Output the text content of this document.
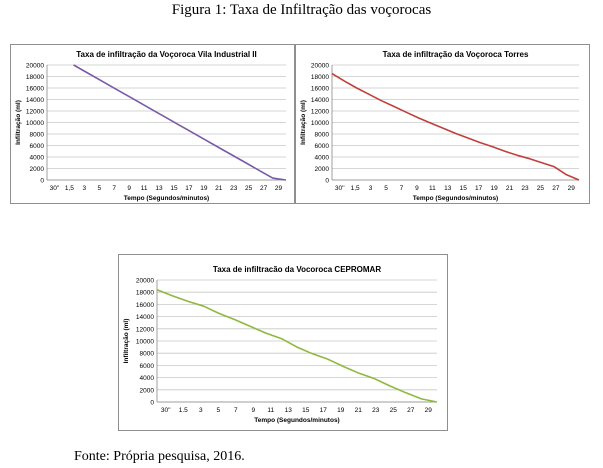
Figura 1: Taxa de Infiltração das voçorocas
Taxa de infiltração da Voçoroca Vila Industrial II
0
2000
4000
6000
8000
10000
12000
14000
16000
18000
20000
30'' 1,5 3 5 7 9 11 13 15 17 19 21 23 25 27 29
Tempo (Segundos/minutos)
Infiltração (ml)
Taxa de infiltração da Voçoroca Torres
0
2000
4000
6000
8000
10000
12000
14000
16000
18000
20000
30'' 1,5 3 5 7 9 11 13 15 17 19 21 23 25 27 29
Tempo (Segundos/minutos)
Infiltração (ml)
Taxa de infiltracão da Vocoroca CEPROMAR
0
2000
4000
6000
8000
10000
12000
14000
16000
18000
20000
30'' 1.5 3 5 7 9 11 13 15 17 19 21 23 25 27 29
Tempo (Segundos/minutos)
Infiltração (ml)
Fonte: Própria pesquisa, 2016.
